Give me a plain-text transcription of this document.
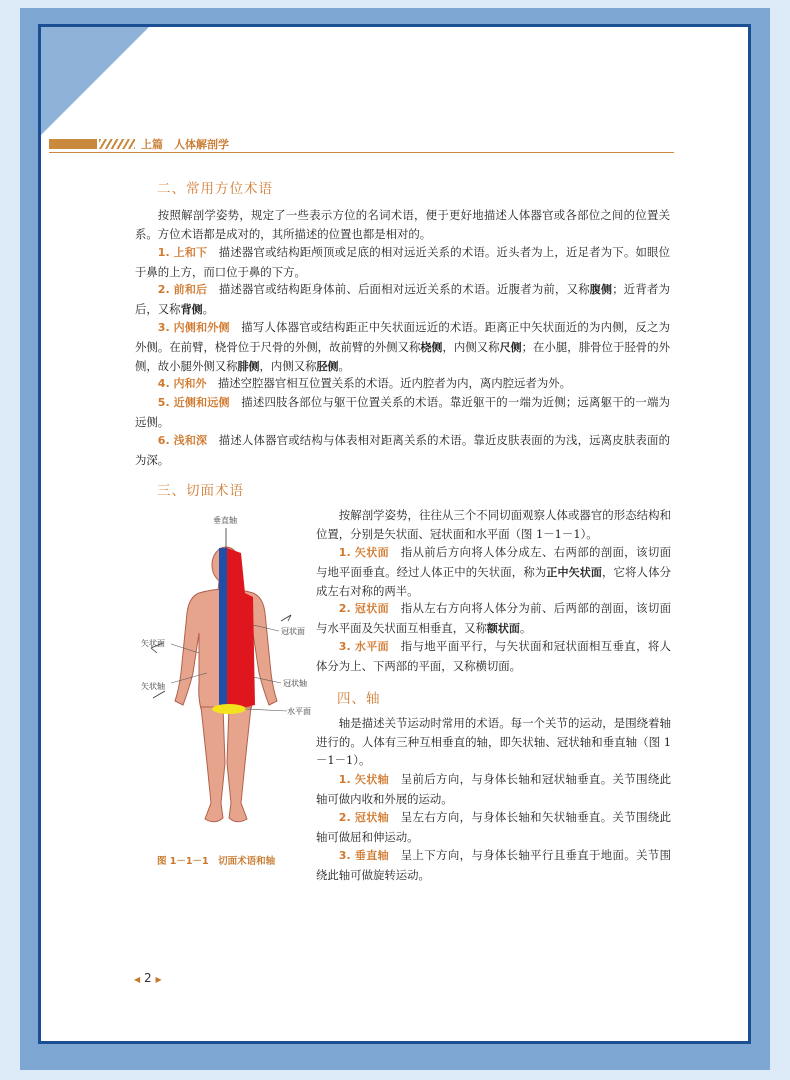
上篇　人体解剖学
二、常用方位术语
按照解剖学姿势，规定了一些表示方位的名词术语，便于更好地描述人体器官或各部位之间的位置关系。方位术语都是成对的，其所描述的位置也都是相对的。
1. 上和下　 描述器官或结构距颅顶或足底的相对远近关系的术语。近头者为上，近足者为下。如眼位于鼻的上方，而口位于鼻的下方。
2. 前和后　 描述器官或结构距身体前、后面相对远近关系的术语。近腹者为前，又称腹侧；近背者为后，又称背侧。
3. 内侧和外侧　 描写人体器官或结构距正中矢状面远近的术语。距离正中矢状面近的为内侧，反之为外侧。在前臂，桡骨位于尺骨的外侧，故前臂的外侧又称桡侧，内侧又称尺侧；在小腿，腓骨位于胫骨的外侧，故小腿外侧又称腓侧，内侧又称胫侧。
4. 内和外　 描述空腔器官相互位置关系的术语。近内腔者为内，离内腔远者为外。
5. 近侧和远侧　 描述四肢各部位与躯干位置关系的术语。靠近躯干的一端为近侧；远离躯干的一端为远侧。
6. 浅和深　 描述人体器官或结构与体表相对距离关系的术语。靠近皮肤表面的为浅，远离皮肤表面的为深。
三、切面术语
按解剖学姿势，往往从三个不同切面观察人体或器官的形态结构和位置，分别是矢状面、冠状面和水平面（图 1－1－1）。
1. 矢状面　 指从前后方向将人体分成左、右两部的剖面，该切面与地平面垂直。经过人体正中的矢状面，称为正中矢状面，它将人体分成左右对称的两半。
2. 冠状面　 指从左右方向将人体分为前、后两部的剖面，该切面与水平面及矢状面互相垂直，又称额状面。
3. 水平面　 指与地平面平行，与矢状面和冠状面相互垂直，将人体分为上、下两部的平面，又称横切面。
四、轴
轴是描述关节运动时常用的术语。每一个关节的运动，是围绕着轴进行的。人体有三种互相垂直的轴，即矢状轴、冠状轴和垂直轴（图 1－1－1）。
1. 矢状轴　 呈前后方向，与身体长轴和冠状轴垂直。关节围绕此轴可做内收和外展的运动。
2. 冠状轴　 呈左右方向，与身体长轴和矢状轴垂直。关节围绕此轴可做屈和伸运动。
3. 垂直轴　 呈上下方向，与身体长轴平行且垂直于地面。关节围绕此轴可做旋转运动。
垂直轴
矢状面
冠状面
矢状轴	冠状轴
水平面
图 1－1－1　切面术语和轴
◀ 2 ▶
